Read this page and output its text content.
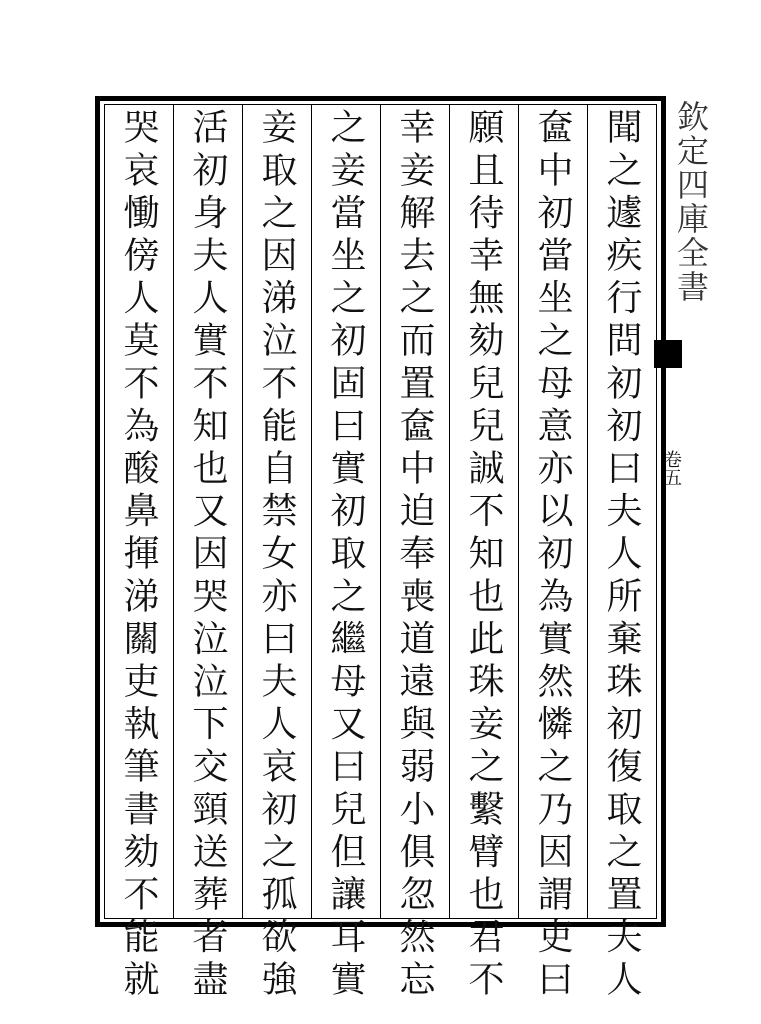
欽定四庫全書
卷五
聞之遽疾行問初初曰夫人所棄珠初復取之置夫人
奩中初當坐之母意亦以初為實然憐之乃因謂吏曰
願且待幸無劾兒兒誠不知也此珠妾之繫臂也君不
幸妾解去之而置奩中迫奉喪道遠與弱小俱忽然忘
之妾當坐之初固曰實初取之繼母又曰兒但讓耳實
妾取之因涕泣不能自禁女亦曰夫人哀初之孤欲強
活初身夫人實不知也又因哭泣泣下交頸送葬者盡
哭哀慟傍人莫不為酸鼻揮涕關吏執筆書劾不能就
